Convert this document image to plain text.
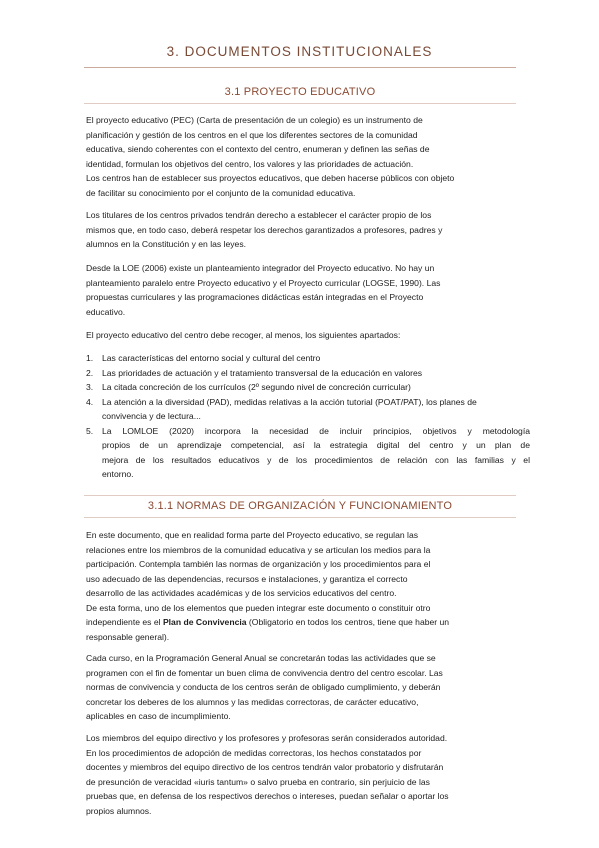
3. DOCUMENTOS INSTITUCIONALES
3.1 PROYECTO EDUCATIVO
El proyecto educativo (PEC) (Carta de presentación de un colegio) es un instrumento de
planificación y gestión de los centros en el que los diferentes sectores de la comunidad
educativa, siendo coherentes con el contexto del centro, enumeran y definen las señas de
identidad, formulan los objetivos del centro, los valores y las prioridades de actuación.
Los centros han de establecer sus proyectos educativos, que deben hacerse públicos con objeto
de facilitar su conocimiento por el conjunto de la comunidad educativa.
Los titulares de los centros privados tendrán derecho a establecer el carácter propio de los
mismos que, en todo caso, deberá respetar los derechos garantizados a profesores, padres y
alumnos en la Constitución y en las leyes.
Desde la LOE (2006) existe un planteamiento integrador del Proyecto educativo. No hay un
planteamiento paralelo entre Proyecto educativo y el Proyecto curricular (LOGSE, 1990). Las
propuestas curriculares y las programaciones didácticas están integradas en el Proyecto
educativo.
El proyecto educativo del centro debe recoger, al menos, los siguientes apartados:
1. Las características del entorno social y cultural del centro
2. Las prioridades de actuación y el tratamiento transversal de la educación en valores
3. La citada concreción de los currículos (2º segundo nivel de concreción curricular)
4. La atención a la diversidad (PAD), medidas relativas a la acción tutorial (POAT/PAT), los planes de
convivencia y de lectura...
5. La LOMLOE (2020) incorpora la necesidad de incluir principios, objetivos y metodología
propios de un aprendizaje competencial, así la estrategia digital del centro y un plan de
mejora de los resultados educativos y de los procedimientos de relación con las familias y el
entorno.
3.1.1 NORMAS DE ORGANIZACIÓN Y FUNCIONAMIENTO
En este documento, que en realidad forma parte del Proyecto educativo, se regulan las
relaciones entre los miembros de la comunidad educativa y se articulan los medios para la
participación. Contempla también las normas de organización y los procedimientos para el
uso adecuado de las dependencias, recursos e instalaciones, y garantiza el correcto
desarrollo de las actividades académicas y de los servicios educativos del centro.
De esta forma, uno de los elementos que pueden integrar este documento o constituir otro
independiente es el Plan de Convivencia (Obligatorio en todos los centros, tiene que haber un
responsable general).
Cada curso, en la Programación General Anual se concretarán todas las actividades que se
programen con el fin de fomentar un buen clima de convivencia dentro del centro escolar. Las
normas de convivencia y conducta de los centros serán de obligado cumplimiento, y deberán
concretar los deberes de los alumnos y las medidas correctoras, de carácter educativo,
aplicables en caso de incumplimiento.
Los miembros del equipo directivo y los profesores y profesoras serán considerados autoridad.
En los procedimientos de adopción de medidas correctoras, los hechos constatados por
docentes y miembros del equipo directivo de los centros tendrán valor probatorio y disfrutarán
de presunción de veracidad «iuris tantum» o salvo prueba en contrario, sin perjuicio de las
pruebas que, en defensa de los respectivos derechos o intereses, puedan señalar o aportar los
propios alumnos.
